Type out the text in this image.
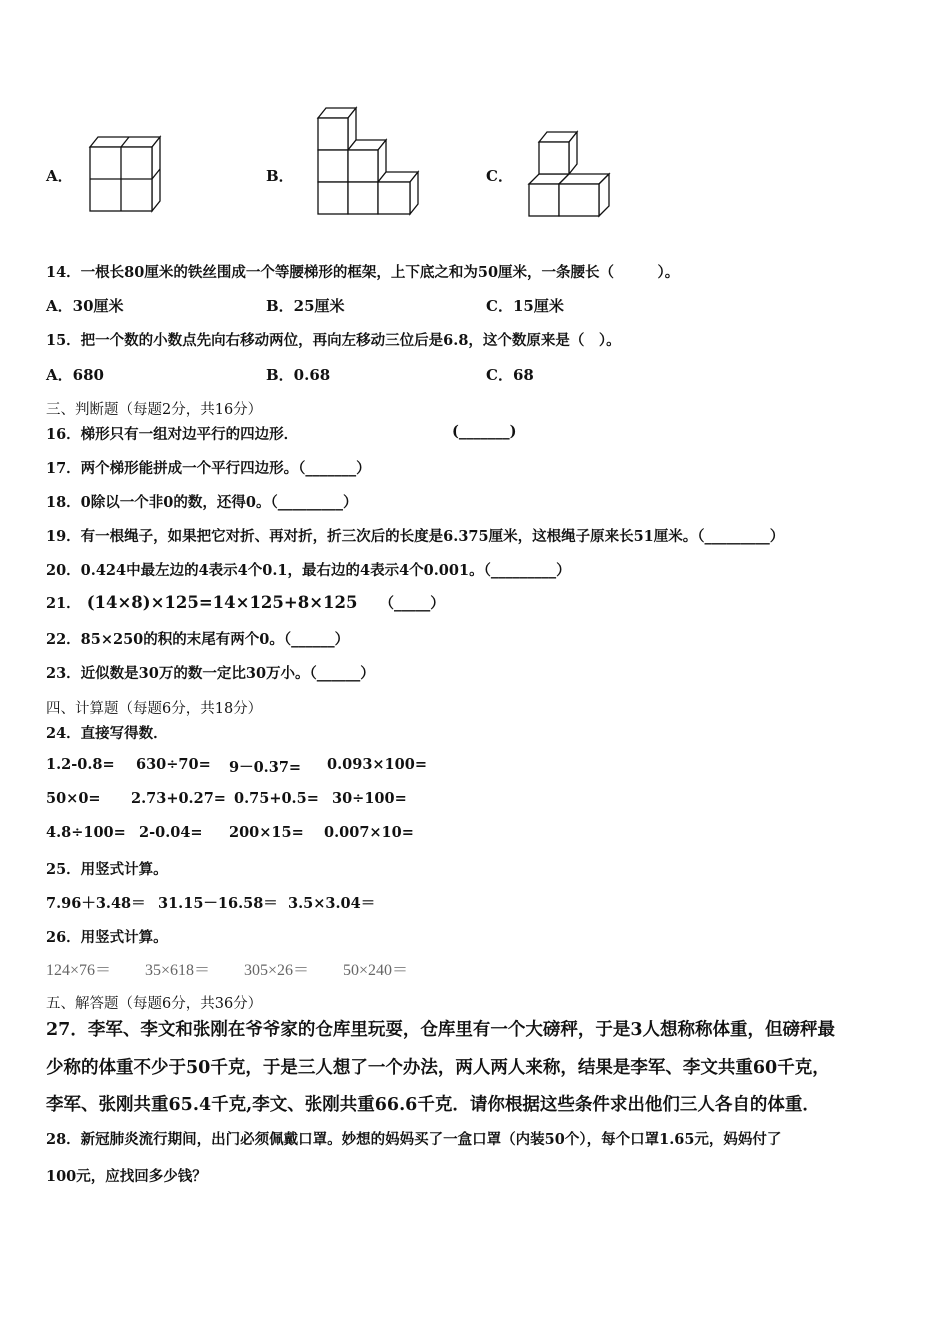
A．	B．	C．
14．一根长80厘米的铁丝围成一个等腰梯形的框架，上下底之和为50厘米，一条腰长（　　　）。
A．30厘米	B．25厘米	C．15厘米
15．把一个数的小数点先向右移动两位，再向左移动三位后是6.8，这个数原来是（　）。
A．680	B．0.68	C．68
三、判断题（每题2分，共16分）
16．梯形只有一组对边平行的四边形．	(_______)
17．两个梯形能拼成一个平行四边形。（_______）
18．0除以一个非0的数，还得0。（_________）
19．有一根绳子，如果把它对折、再对折，折三次后的长度是6.375厘米，这根绳子原来长51厘米。（_________）
20．0.424中最左边的4表示4个0.1，最右边的4表示4个0.001。（_________）
21． (14×8)×125=14×125+8×125 （_____）
22．85×250的积的末尾有两个0。（______）
23．近似数是30万的数一定比30万小。（______）
四、计算题（每题6分，共18分）
24．直接写得数．
1.2-0.8= 630÷70= 9－0.37= 0.093×100=
50×0= 2.73+0.27= 0.75+0.5= 30÷100=
4.8÷100= 2-0.04= 200×15= 0.007×10=
25．用竖式计算。
7.96＋3.48＝ 31.15－16.58＝ 3.5×3.04＝
26．用竖式计算。
124×76＝ 35×618＝ 305×26＝ 50×240＝
五、解答题（每题6分，共36分）
27．李军、李文和张刚在爷爷家的仓库里玩耍，仓库里有一个大磅秤，于是3人想称称体重，但磅秤最
少称的体重不少于50千克，于是三人想了一个办法，两人两人来称，结果是李军、李文共重60千克，
李军、张刚共重65.4千克,李文、张刚共重66.6千克．请你根据这些条件求出他们三人各自的体重．
28．新冠肺炎流行期间，出门必须佩戴口罩。妙想的妈妈买了一盒口罩（内装50个），每个口罩1.65元，妈妈付了
100元，应找回多少钱？
